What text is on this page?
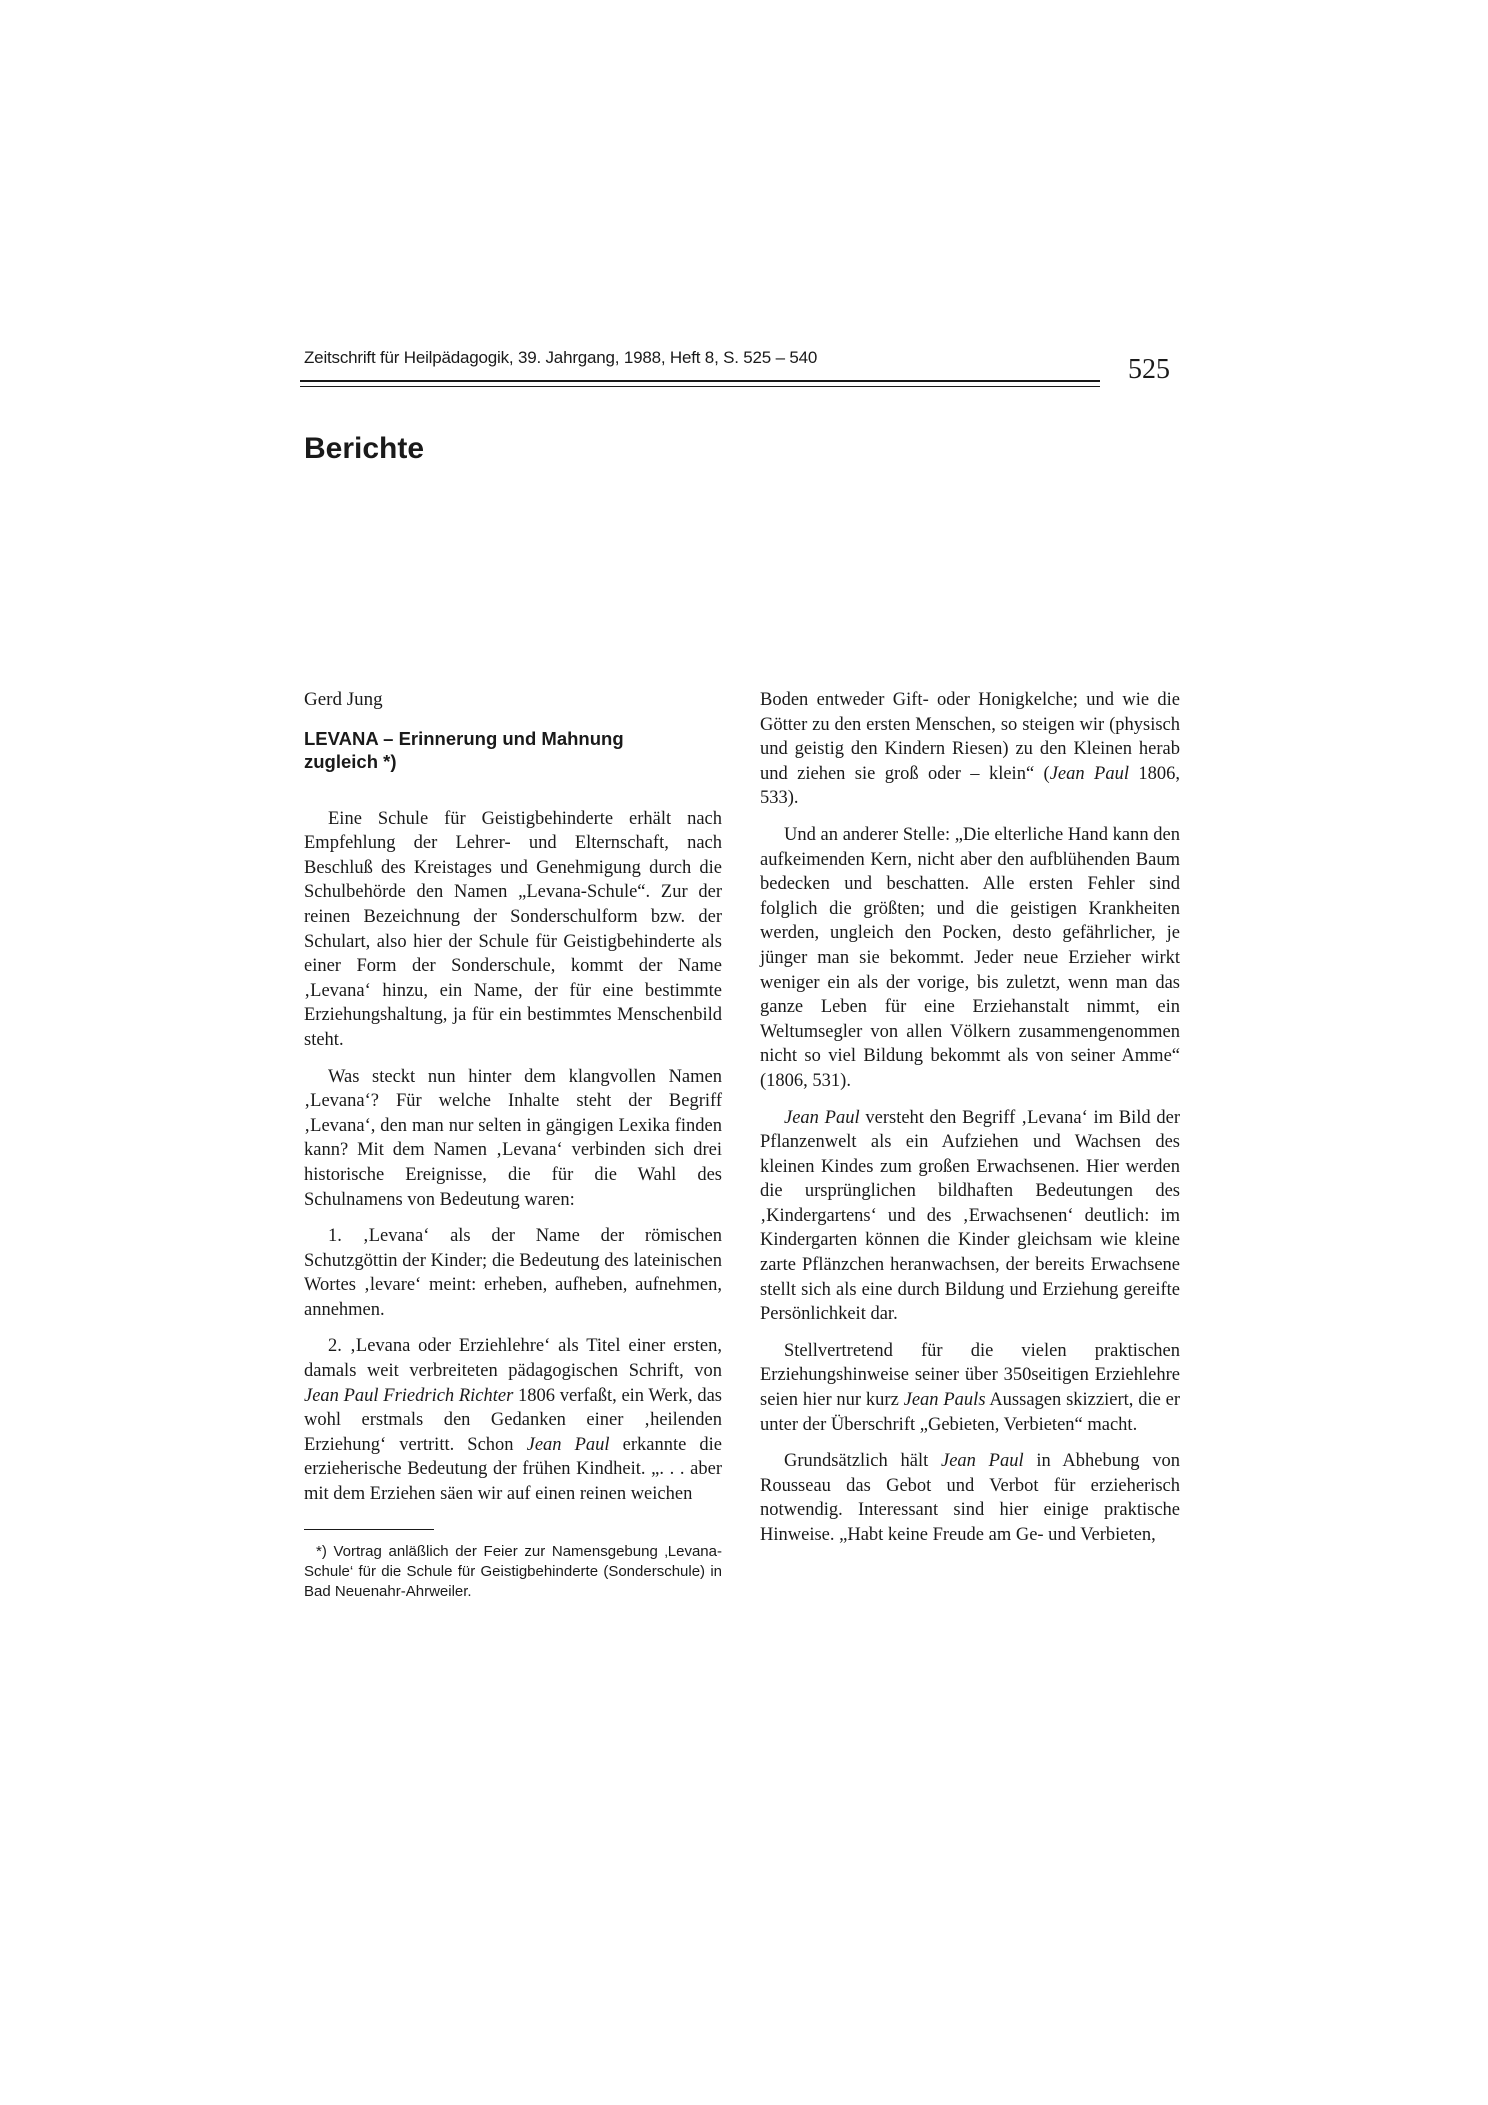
Zeitschrift für Heilpädagogik, 39. Jahrgang, 1988, Heft 8, S. 525 – 540	525
Berichte

Gerd Jung

LEVANA – Erinnerung und Mahnung zugleich *)

Eine Schule für Geistigbehinderte erhält nach Empfehlung der Lehrer- und Elternschaft, nach Beschluß des Kreistages und Genehmigung durch die Schulbehörde den Namen „Levana-Schule“. Zur der reinen Bezeichnung der Sonderschulform bzw. der Schulart, also hier der Schule für Geistigbehinderte als einer Form der Sonderschule, kommt der Name ‚Levana‘ hinzu, ein Name, der für eine bestimmte Erziehungshaltung, ja für ein bestimmtes Menschenbild steht.

Was steckt nun hinter dem klangvollen Namen ‚Levana‘? Für welche Inhalte steht der Begriff ‚Levana‘, den man nur selten in gängigen Lexika finden kann? Mit dem Namen ‚Levana‘ verbinden sich drei historische Ereignisse, die für die Wahl des Schulnamens von Bedeutung waren:

1. ‚Levana‘ als der Name der römischen Schutzgöttin der Kinder; die Bedeutung des lateinischen Wortes ‚levare‘ meint: erheben, aufheben, aufnehmen, annehmen.

2. ‚Levana oder Erziehlehre‘ als Titel einer ersten, damals weit verbreiteten pädagogischen Schrift, von Jean Paul Friedrich Richter 1806 verfaßt, ein Werk, das wohl erstmals den Gedanken einer ‚heilenden Erziehung‘ vertritt. Schon Jean Paul erkannte die erzieherische Bedeutung der frühen Kindheit. „. . . aber mit dem Erziehen säen wir auf einen reinen weichen

*) Vortrag anläßlich der Feier zur Namensgebung ‚Levana-Schule‘ für die Schule für Geistigbehinderte (Sonderschule) in Bad Neuenahr-Ahrweiler.

Boden entweder Gift- oder Honigkelche; und wie die Götter zu den ersten Menschen, so steigen wir (physisch und geistig den Kindern Riesen) zu den Kleinen herab und ziehen sie groß oder – klein“ (Jean Paul 1806, 533).

Und an anderer Stelle: „Die elterliche Hand kann den aufkeimenden Kern, nicht aber den aufblühenden Baum bedecken und beschatten. Alle ersten Fehler sind folglich die größten; und die geistigen Krankheiten werden, ungleich den Pocken, desto gefährlicher, je jünger man sie bekommt. Jeder neue Erzieher wirkt weniger ein als der vorige, bis zuletzt, wenn man das ganze Leben für eine Erziehanstalt nimmt, ein Weltumsegler von allen Völkern zusammengenommen nicht so viel Bildung bekommt als von seiner Amme“ (1806, 531).

Jean Paul versteht den Begriff ‚Levana‘ im Bild der Pflanzenwelt als ein Aufziehen und Wachsen des kleinen Kindes zum großen Erwachsenen. Hier werden die ursprünglichen bildhaften Bedeutungen des ‚Kindergartens‘ und des ‚Erwachsenen‘ deutlich: im Kindergarten können die Kinder gleichsam wie kleine zarte Pflänzchen heranwachsen, der bereits Erwachsene stellt sich als eine durch Bildung und Erziehung gereifte Persönlichkeit dar.

Stellvertretend für die vielen praktischen Erziehungshinweise seiner über 350seitigen Erziehlehre seien hier nur kurz Jean Pauls Aussagen skizziert, die er unter der Überschrift „Gebieten, Verbieten“ macht.

Grundsätzlich hält Jean Paul in Abhebung von Rousseau das Gebot und Verbot für erzieherisch notwendig. Interessant sind hier einige praktische Hinweise. „Habt keine Freude am Ge- und Verbieten,
